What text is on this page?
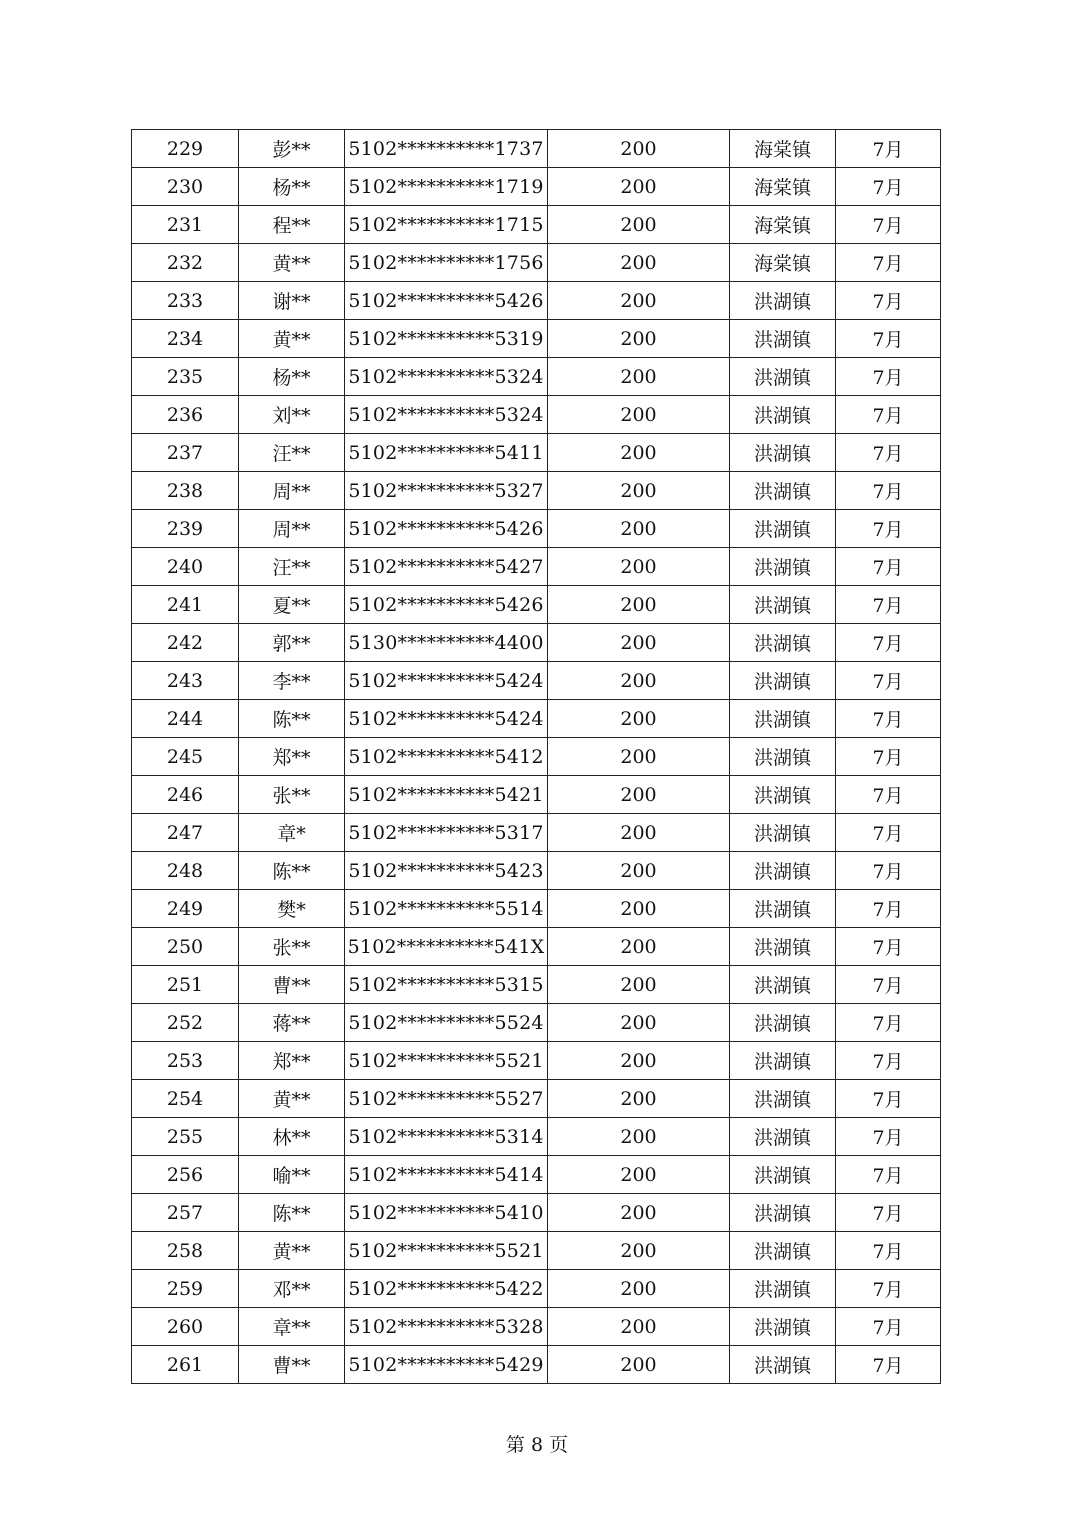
229	彭**	5102**********1737	200	海棠镇	7月
230	杨**	5102**********1719	200	海棠镇	7月
231	程**	5102**********1715	200	海棠镇	7月
232	黄**	5102**********1756	200	海棠镇	7月
233	谢**	5102**********5426	200	洪湖镇	7月
234	黄**	5102**********5319	200	洪湖镇	7月
235	杨**	5102**********5324	200	洪湖镇	7月
236	刘**	5102**********5324	200	洪湖镇	7月
237	汪**	5102**********5411	200	洪湖镇	7月
238	周**	5102**********5327	200	洪湖镇	7月
239	周**	5102**********5426	200	洪湖镇	7月
240	汪**	5102**********5427	200	洪湖镇	7月
241	夏**	5102**********5426	200	洪湖镇	7月
242	郭**	5130**********4400	200	洪湖镇	7月
243	李**	5102**********5424	200	洪湖镇	7月
244	陈**	5102**********5424	200	洪湖镇	7月
245	郑**	5102**********5412	200	洪湖镇	7月
246	张**	5102**********5421	200	洪湖镇	7月
247	章*	5102**********5317	200	洪湖镇	7月
248	陈**	5102**********5423	200	洪湖镇	7月
249	樊*	5102**********5514	200	洪湖镇	7月
250	张**	5102**********541X	200	洪湖镇	7月
251	曹**	5102**********5315	200	洪湖镇	7月
252	蒋**	5102**********5524	200	洪湖镇	7月
253	郑**	5102**********5521	200	洪湖镇	7月
254	黄**	5102**********5527	200	洪湖镇	7月
255	林**	5102**********5314	200	洪湖镇	7月
256	喻**	5102**********5414	200	洪湖镇	7月
257	陈**	5102**********5410	200	洪湖镇	7月
258	黄**	5102**********5521	200	洪湖镇	7月
259	邓**	5102**********5422	200	洪湖镇	7月
260	章**	5102**********5328	200	洪湖镇	7月
261	曹**	5102**********5429	200	洪湖镇	7月
第 8 页
